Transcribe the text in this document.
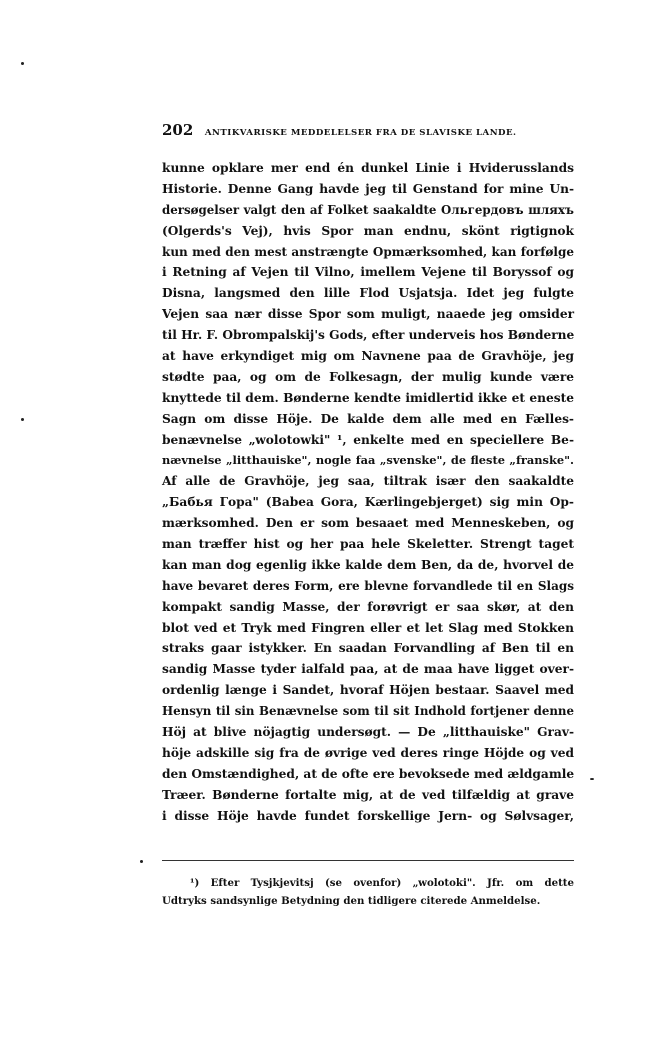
202 ANTIKVARISKE MEDDELELSER FRA DE SLAVISKE LANDE.
kunne opklare mer end én dunkel Linie i Hviderusslands
Historie. Denne Gang havde jeg til Genstand for mine Un-
dersøgelser valgt den af Folket saakaldte Ольгердовъ шляхъ
(Olgerds's Vej), hvis Spor man endnu, skönt rigtignok
kun med den mest anstrængte Opmærksomhed, kan forfølge
i Retning af Vejen til Vilno, imellem Vejene til Boryssof og
Disna, langsmed den lille Flod Usjatsja. Idet jeg fulgte
Vejen saa nær disse Spor som muligt, naaede jeg omsider
til Hr. F. Obrompalskij's Gods, efter underveis hos Bønderne
at have erkyndiget mig om Navnene paa de Gravhöje, jeg
stødte paa, og om de Folkesagn, der mulig kunde være
knyttede til dem. Bønderne kendte imidlertid ikke et eneste
Sagn om disse Höje. De kalde dem alle med en Fælles-
benævnelse „wolotowki" ¹, enkelte med en speciellere Be-
nævnelse „litthauiske", nogle faa „svenske", de fleste „franske".
Af alle de Gravhöje, jeg saa, tiltrak især den saakaldte
„Бабья Гора" (Babea Gora, Kærlingebjerget) sig min Op-
mærksomhed. Den er som besaaet med Menneskeben, og
man træffer hist og her paa hele Skeletter. Strengt taget
kan man dog egenlig ikke kalde dem Ben, da de, hvorvel de
have bevaret deres Form, ere blevne forvandlede til en Slags
kompakt sandig Masse, der forøvrigt er saa skør, at den
blot ved et Tryk med Fingren eller et let Slag med Stokken
straks gaar istykker. En saadan Forvandling af Ben til en
sandig Masse tyder ialfald paa, at de maa have ligget over-
ordenlig længe i Sandet, hvoraf Höjen bestaar. Saavel med
Hensyn til sin Benævnelse som til sit Indhold fortjener denne
Höj at blive nöjagtig undersøgt. — De „litthauiske" Grav-
höje adskille sig fra de øvrige ved deres ringe Höjde og ved
den Omstændighed, at de ofte ere bevoksede med ældgamle
Træer. Bønderne fortalte mig, at de ved tilfældig at grave
i disse Höje havde fundet forskellige Jern- og Sølvsager,
¹) Efter Tysjkjevitsj (se ovenfor) „wolotoki". Jfr. om dette
Udtryks sandsynlige Betydning den tidligere citerede Anmeldelse.
